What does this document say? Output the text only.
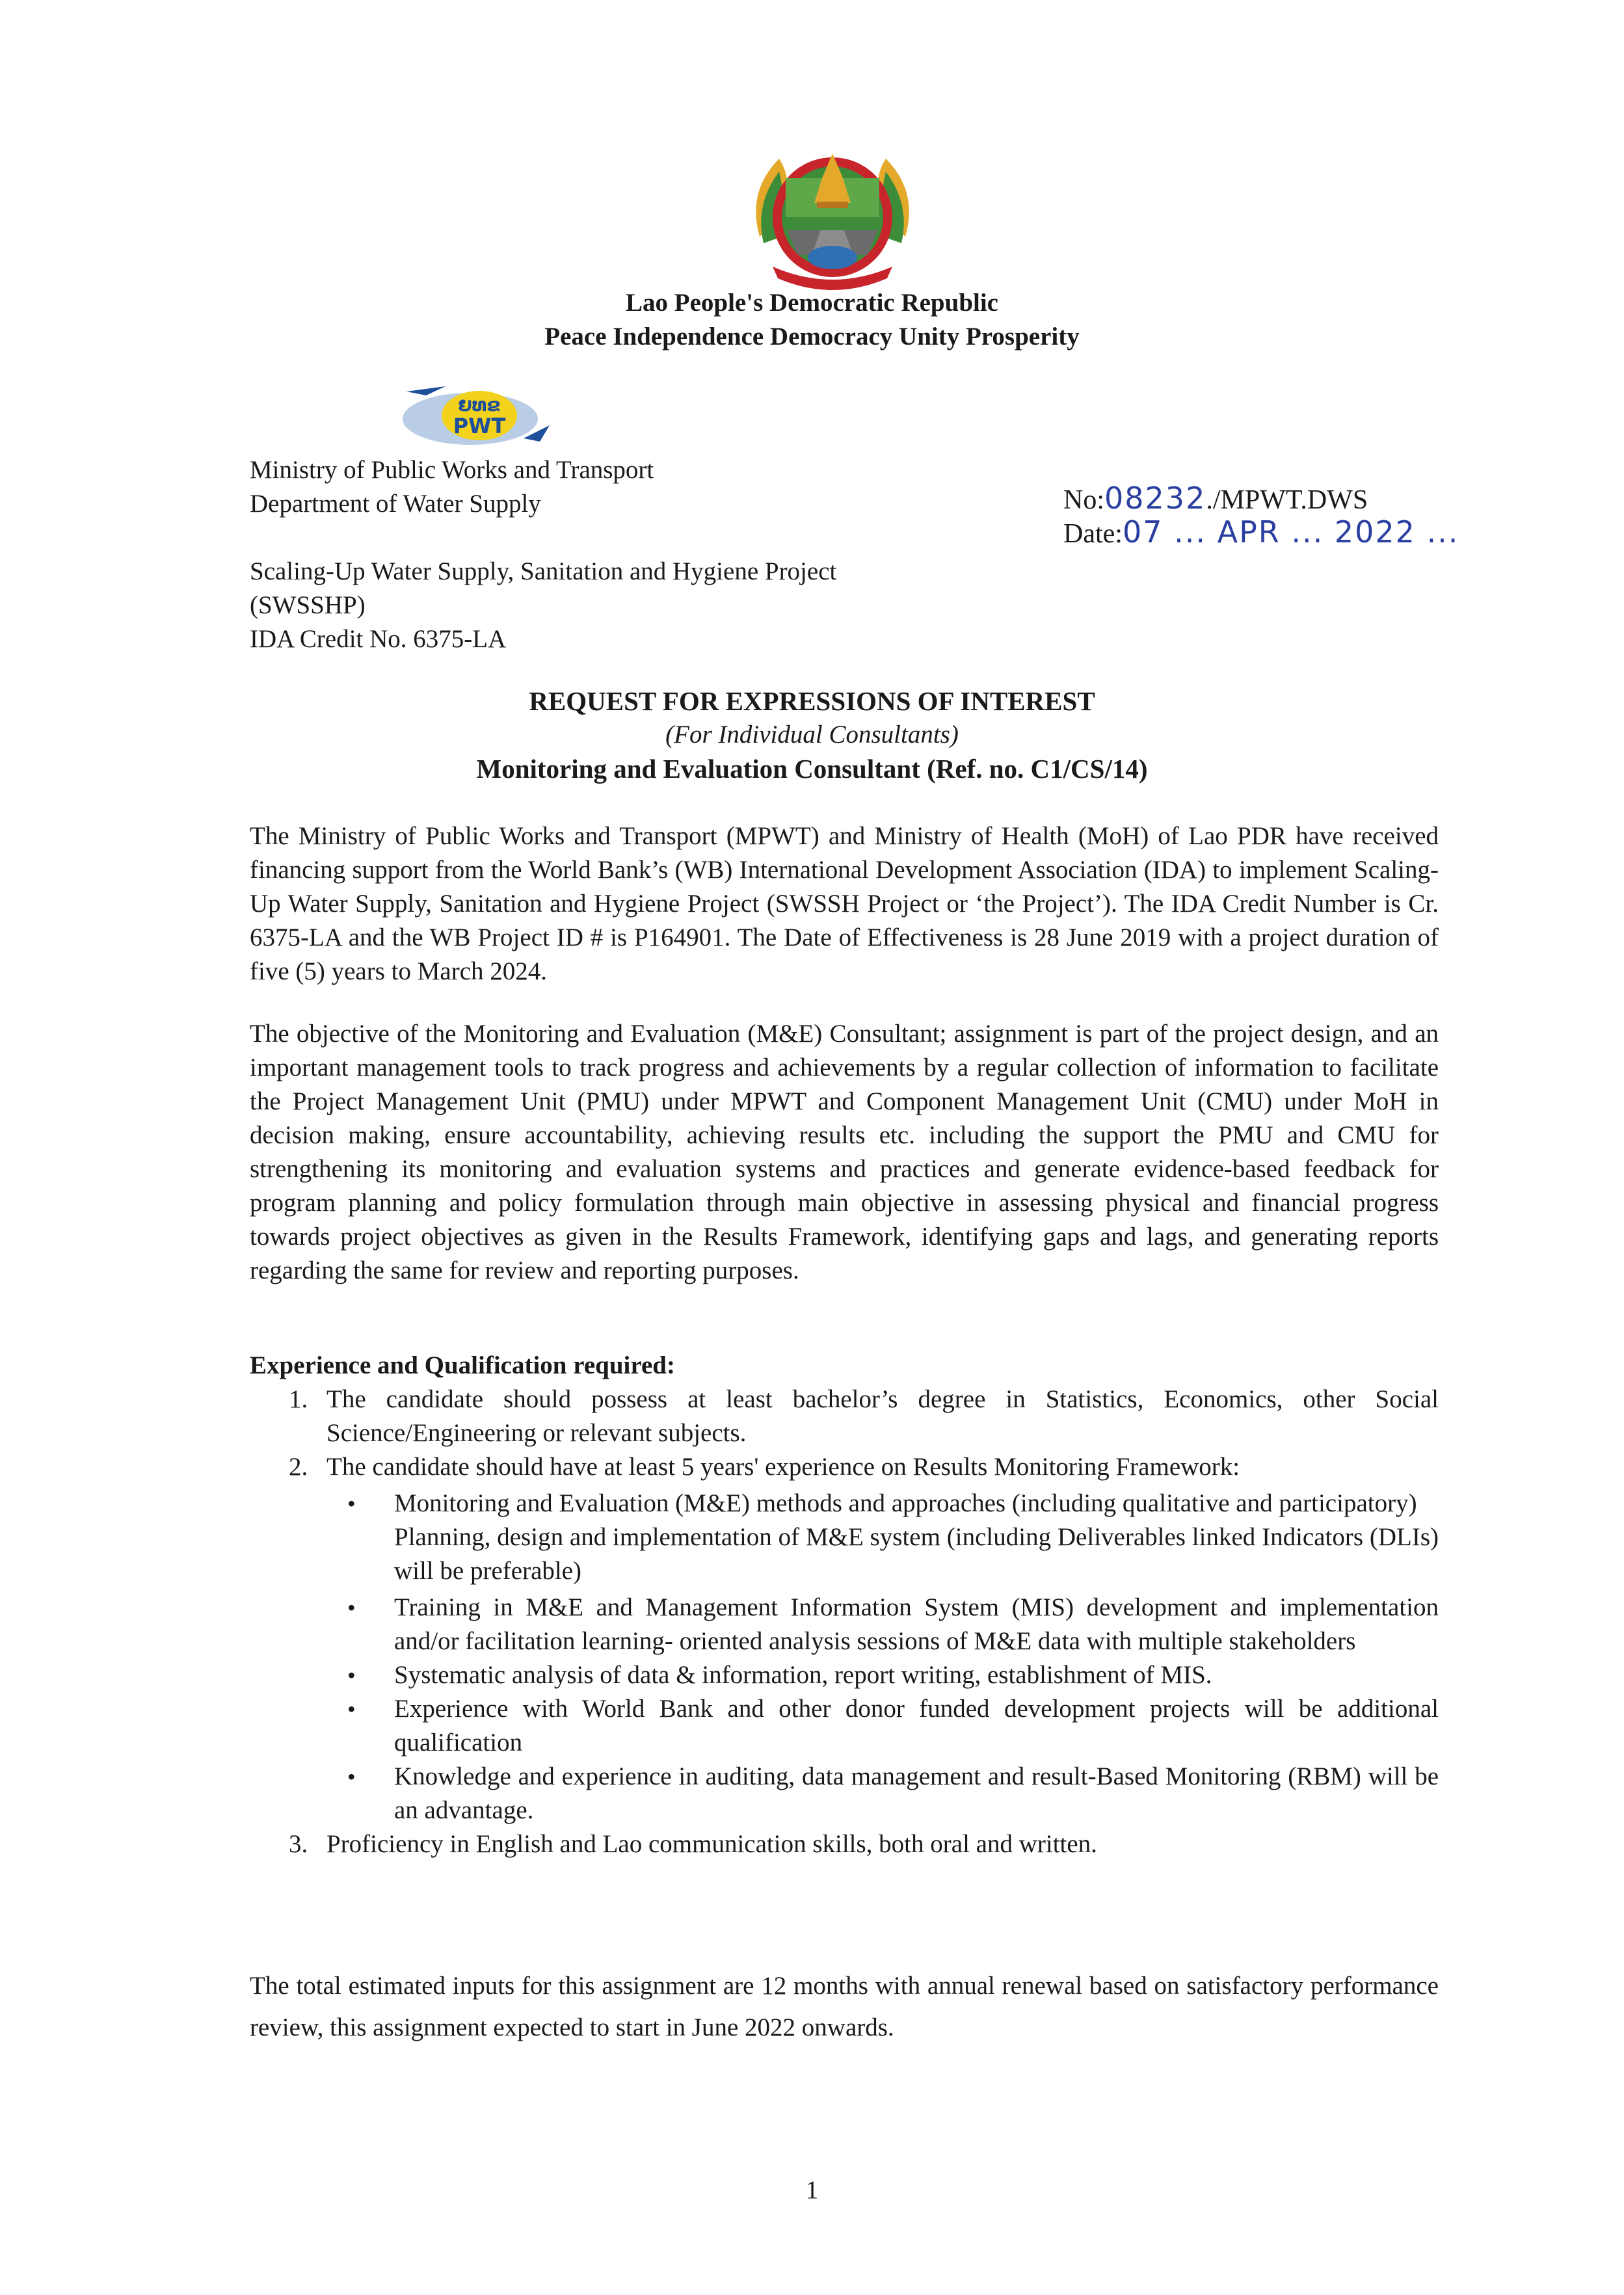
Lao People's Democratic Republic
Peace Independence Democracy Unity Prosperity
ຍທຂ
PWT
Ministry of Public Works and Transport
Department of Water Supply	No:08232./MPWT.DWS
Date:07 ... APR ... 2022 ...
Scaling-Up Water Supply, Sanitation and Hygiene Project
(SWSSHP)
IDA Credit No. 6375-LA
REQUEST FOR EXPRESSIONS OF INTEREST
(For Individual Consultants)
Monitoring and Evaluation Consultant (Ref. no. C1/CS/14)
The Ministry of Public Works and Transport (MPWT) and Ministry of Health (MoH) of Lao PDR have received financing support from the World Bank’s (WB) International Development Association (IDA) to implement Scaling-Up Water Supply, Sanitation and Hygiene Project (SWSSH Project or ‘the Project’). The IDA Credit Number is Cr. 6375-LA and the WB Project ID # is P164901. The Date of Effectiveness is 28 June 2019 with a project duration of five (5) years to March 2024.
The objective of the Monitoring and Evaluation (M&E) Consultant; assignment is part of the project design, and an important management tools to track progress and achievements by a regular collection of information to facilitate the Project Management Unit (PMU) under MPWT and Component Management Unit (CMU) under MoH in decision making, ensure accountability, achieving results etc. including the support the PMU and CMU for strengthening its monitoring and evaluation systems and practices and generate evidence-based feedback for program planning and policy formulation through main objective in assessing physical and financial progress towards project objectives as given in the Results Framework, identifying gaps and lags, and generating reports regarding the same for review and reporting purposes.
Experience and Qualification required:
1. The candidate should possess at least bachelor’s degree in Statistics, Economics, other Social Science/Engineering or relevant subjects.
2. The candidate should have at least 5 years' experience on Results Monitoring Framework:
• Monitoring and Evaluation (M&E) methods and approaches (including qualitative and participatory)
Planning, design and implementation of M&E system (including Deliverables linked Indicators (DLIs) will be preferable)
• Training in M&E and Management Information System (MIS) development and implementation and/or facilitation learning- oriented analysis sessions of M&E data with multiple stakeholders
• Systematic analysis of data & information, report writing, establishment of MIS.
• Experience with World Bank and other donor funded development projects will be additional qualification
• Knowledge and experience in auditing, data management and result-Based Monitoring (RBM) will be an advantage.
3. Proficiency in English and Lao communication skills, both oral and written.
The total estimated inputs for this assignment are 12 months with annual renewal based on satisfactory performance review, this assignment expected to start in June 2022 onwards.
1
